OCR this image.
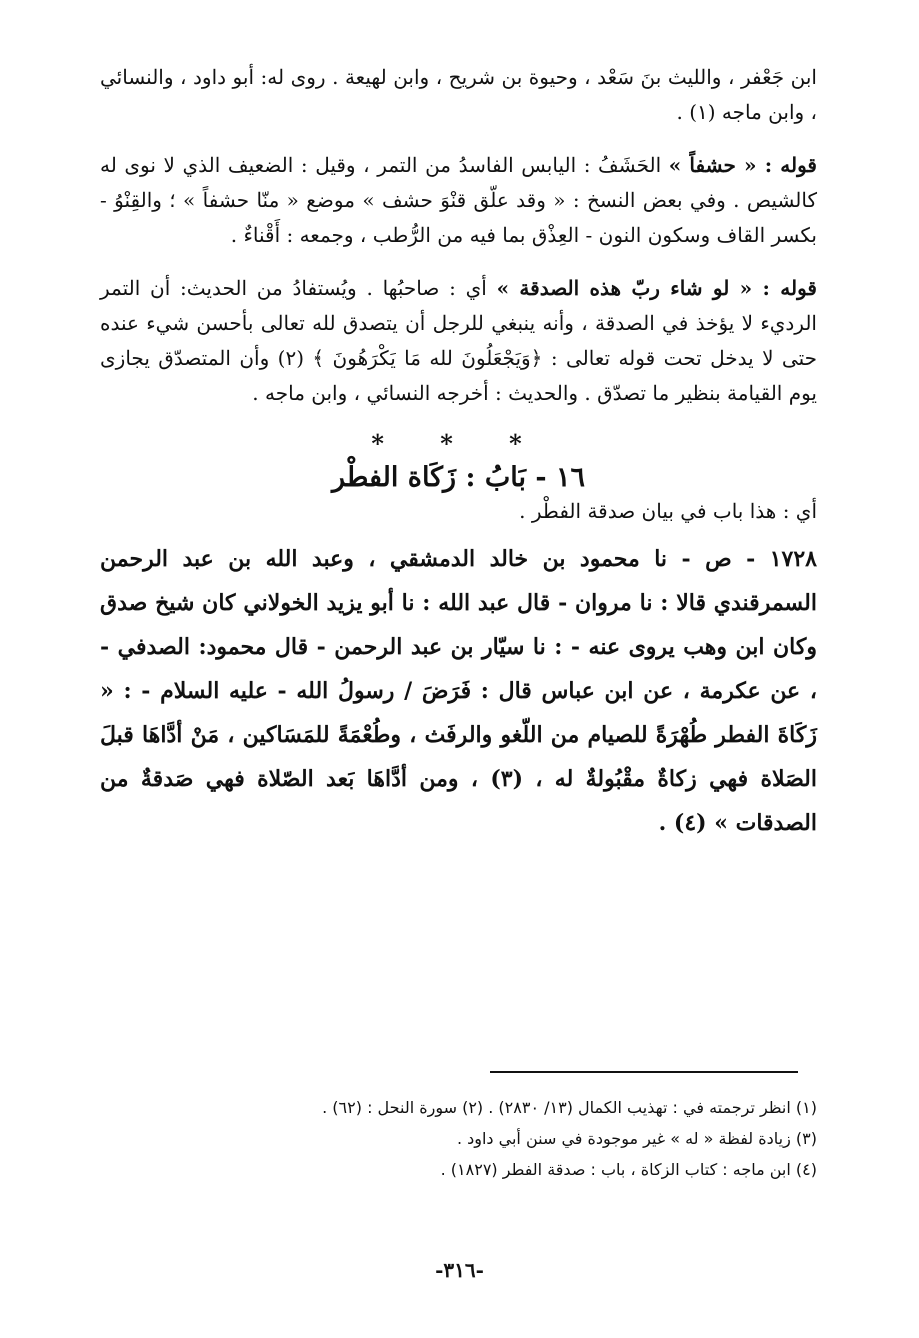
ابن جَعْفر ، والليث بنَ سَعْد ، وحيوة بن شريح ، وابن لهيعة . روى له: أبو داود ، والنسائي ، وابن ماجه (١) .

قوله : « حشفاً » الحَشَفُ : اليابس الفاسدُ من التمر ، وقيل : الضعيف الذي لا نوى له كالشيص . وفي بعض النسخ : « وقد علّق قنْوَ حشف » موضع « منّا حشفاً » ؛ والقِنْوُ - بكسر القاف وسكون النون - العِذْق بما فيه من الرُّطب ، وجمعه : أَقْناءٌ .

قوله : « لو شاء ربّ هذه الصدقة » أي : صاحبُها . ويُستفادُ من الحديث: أن التمر الرديء لا يؤخذ في الصدقة ، وأنه ينبغي للرجل أن يتصدق لله تعالى بأحسن شيء عنده حتى لا يدخل تحت قوله تعالى : ﴿وَيَجْعَلُونَ لله مَا يَكْرَهُونَ ﴾ (٢) وأن المتصدّق يجازى يوم القيامة بنظير ما تصدّق . والحديث : أخرجه النسائي ، وابن ماجه .

* * *
١٦ - بَابُ : زَكَاة الفطْر
أي : هذا باب في بيان صدقة الفطْر .

١٧٢٨ - ص - نا محمود بن خالد الدمشقي ، وعبد الله بن عبد الرحمن السمرقندي قالا : نا مروان - قال عبد الله : نا أبو يزيد الخولاني كان شيخ صدق وكان ابن وهب يروى عنه - : نا سيّار بن عبد الرحمن - قال محمود: الصدفي - ، عن عكرمة ، عن ابن عباس قال : فَرَضَ / رسولُ الله - عليه السلام - : « زَكَاةَ الفطر طُهْرَةً للصيام من اللّغو والرفَث ، وطُعْمَةً للمَسَاكين ، مَنْ أدَّاهَا قبلَ الصَلاة فهي زكاةٌ مقْبُولةٌ له ، (٣) ، ومن أدَّاهَا بَعد الصّلاة فهي صَدقةٌ من الصدقات » (٤) .

(١) انظر ترجمته في : تهذيب الكمال (١٣/ ٢٨٣٠) . (٢) سورة النحل : (٦٢) .
(٣) زيادة لفظة « له » غير موجودة في سنن أبي داود .
(٤) ابن ماجه : كتاب الزكاة ، باب : صدقة الفطر (١٨٢٧) .
-٣١٦-
